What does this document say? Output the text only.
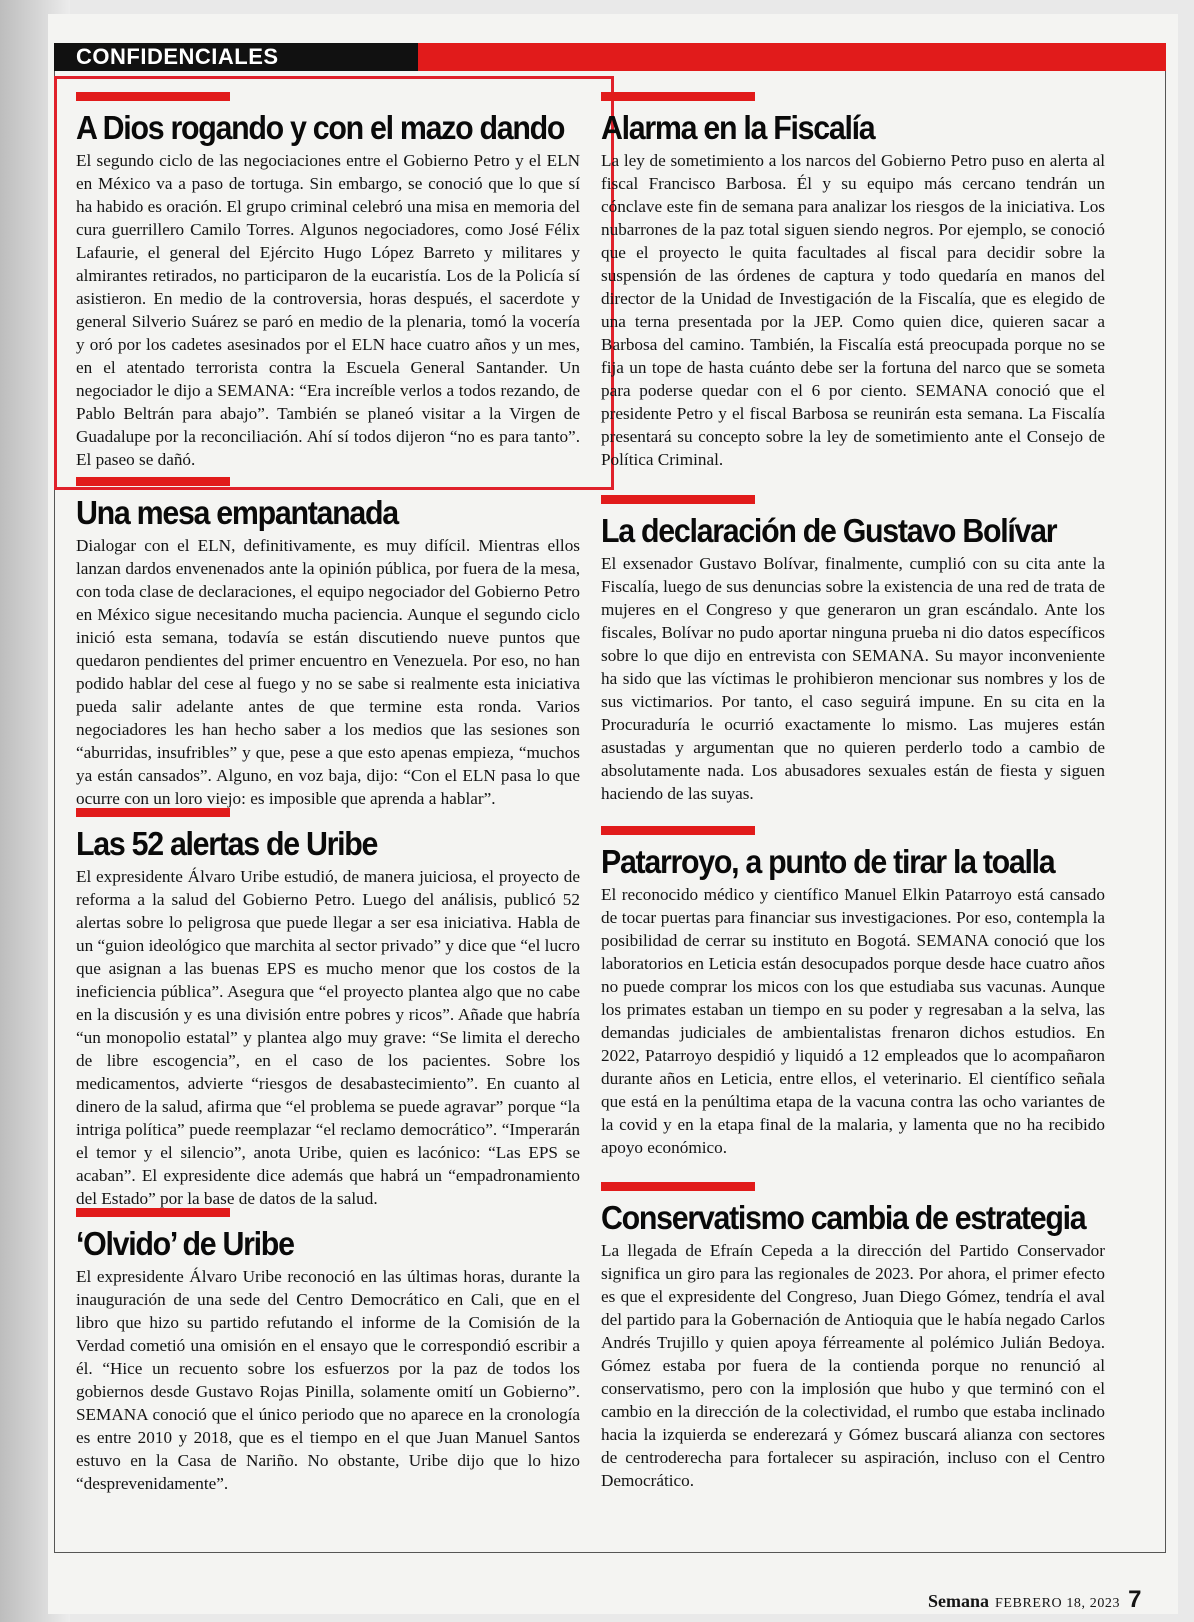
CONFIDENCIALES
A Dios rogando y con el mazo dando

El segundo ciclo de las negociaciones entre el Gobierno Petro y el ELN en México va a paso de tortuga. Sin embargo, se conoció que lo que sí ha habido es oración. El grupo criminal celebró una misa en memoria del cura guerrillero Camilo Torres. Algunos negociadores, como José Félix Lafaurie, el general del Ejército Hugo López Barreto y militares y almirantes retirados, no participaron de la eucaristía. Los de la Policía sí asistieron. En medio de la controversia, horas después, el sacerdote y general Silverio Suárez se paró en medio de la plenaria, tomó la vocería y oró por los cadetes asesinados por el ELN hace cuatro años y un mes, en el atentado terrorista contra la Escuela General Santander. Un negociador le dijo a SEMANA: “Era increíble verlos a todos rezando, de Pablo Beltrán para abajo”. También se planeó visitar a la Virgen de Guadalupe por la reconciliación. Ahí sí todos dijeron “no es para tanto”. El paseo se dañó.

Una mesa empantanada

Dialogar con el ELN, definitivamente, es muy difícil. Mientras ellos lanzan dardos envenenados ante la opinión pública, por fuera de la mesa, con toda clase de declaraciones, el equipo negociador del Gobierno Petro en México sigue necesitando mucha paciencia. Aunque el segundo ciclo inició esta semana, todavía se están discutiendo nueve puntos que quedaron pendientes del primer encuentro en Venezuela. Por eso, no han podido hablar del cese al fuego y no se sabe si realmente esta iniciativa pueda salir adelante antes de que termine esta ronda. Varios negociadores les han hecho saber a los medios que las sesiones son “aburridas, insufribles” y que, pese a que esto apenas empieza, “muchos ya están cansados”. Alguno, en voz baja, dijo: “Con el ELN pasa lo que ocurre con un loro viejo: es imposible que aprenda a hablar”.

Las 52 alertas de Uribe

El expresidente Álvaro Uribe estudió, de manera juiciosa, el proyecto de reforma a la salud del Gobierno Petro. Luego del análisis, publicó 52 alertas sobre lo peligrosa que puede llegar a ser esa iniciativa. Habla de un “guion ideológico que marchita al sector privado” y dice que “el lucro que asignan a las buenas EPS es mucho menor que los costos de la ineficiencia pública”. Asegura que “el proyecto plantea algo que no cabe en la discusión y es una división entre pobres y ricos”. Añade que habría “un monopolio estatal” y plantea algo muy grave: “Se limita el derecho de libre escogencia”, en el caso de los pacientes. Sobre los medicamentos, advierte “riesgos de desabastecimiento”. En cuanto al dinero de la salud, afirma que “el problema se puede agravar” porque “la intriga política” puede reemplazar “el reclamo democrático”. “Imperarán el temor y el silencio”, anota Uribe, quien es lacónico: “Las EPS se acaban”. El expresidente dice además que habrá un “empadronamiento del Estado” por la base de datos de la salud.

‘Olvido’ de Uribe

El expresidente Álvaro Uribe reconoció en las últimas horas, durante la inauguración de una sede del Centro Democrático en Cali, que en el libro que hizo su partido refutando el informe de la Comisión de la Verdad cometió una omisión en el ensayo que le correspondió escribir a él. “Hice un recuento sobre los esfuerzos por la paz de todos los gobiernos desde Gustavo Rojas Pinilla, solamente omití un Gobierno”. SEMANA conoció que el único periodo que no aparece en la cronología es entre 2010 y 2018, que es el tiempo en el que Juan Manuel Santos estuvo en la Casa de Nariño. No obstante, Uribe dijo que lo hizo “desprevenidamente”.

Alarma en la Fiscalía

La ley de sometimiento a los narcos del Gobierno Petro puso en alerta al fiscal Francisco Barbosa. Él y su equipo más cercano tendrán un cónclave este fin de semana para analizar los riesgos de la iniciativa. Los nubarrones de la paz total siguen siendo negros. Por ejemplo, se conoció que el proyecto le quita facultades al fiscal para decidir sobre la suspensión de las órdenes de captura y todo quedaría en manos del director de la Unidad de Investigación de la Fiscalía, que es elegido de una terna presentada por la JEP. Como quien dice, quieren sacar a Barbosa del camino. También, la Fiscalía está preocupada porque no se fija un tope de hasta cuánto debe ser la fortuna del narco que se someta para poderse quedar con el 6 por ciento. SEMANA conoció que el presidente Petro y el fiscal Barbosa se reunirán esta semana. La Fiscalía presentará su concepto sobre la ley de sometimiento ante el Consejo de Política Criminal.

La declaración de Gustavo Bolívar

El exsenador Gustavo Bolívar, finalmente, cumplió con su cita ante la Fiscalía, luego de sus denuncias sobre la existencia de una red de trata de mujeres en el Congreso y que generaron un gran escándalo. Ante los fiscales, Bolívar no pudo aportar ninguna prueba ni dio datos específicos sobre lo que dijo en entrevista con SEMANA. Su mayor inconveniente ha sido que las víctimas le prohibieron mencionar sus nombres y los de sus victimarios. Por tanto, el caso seguirá impune. En su cita en la Procuraduría le ocurrió exactamente lo mismo. Las mujeres están asustadas y argumentan que no quieren perderlo todo a cambio de absolutamente nada. Los abusadores sexuales están de fiesta y siguen haciendo de las suyas.

Patarroyo, a punto de tirar la toalla

El reconocido médico y científico Manuel Elkin Patarroyo está cansado de tocar puertas para financiar sus investigaciones. Por eso, contempla la posibilidad de cerrar su instituto en Bogotá. SEMANA conoció que los laboratorios en Leticia están desocupados porque desde hace cuatro años no puede comprar los micos con los que estudiaba sus vacunas. Aunque los primates estaban un tiempo en su poder y regresaban a la selva, las demandas judiciales de ambientalistas frenaron dichos estudios. En 2022, Patarroyo despidió y liquidó a 12 empleados que lo acompañaron durante años en Leticia, entre ellos, el veterinario. El científico señala que está en la penúltima etapa de la vacuna contra las ocho variantes de la covid y en la etapa final de la malaria, y lamenta que no ha recibido apoyo económico.

Conservatismo cambia de estrategia

La llegada de Efraín Cepeda a la dirección del Partido Conservador significa un giro para las regionales de 2023. Por ahora, el primer efecto es que el expresidente del Congreso, Juan Diego Gómez, tendría el aval del partido para la Gobernación de Antioquia que le había negado Carlos Andrés Trujillo y quien apoya férreamente al polémico Julián Bedoya. Gómez estaba por fuera de la contienda porque no renunció al conservatismo, pero con la implosión que hubo y que terminó con el cambio en la dirección de la colectividad, el rumbo que estaba inclinado hacia la izquierda se enderezará y Gómez buscará alianza con sectores de centroderecha para fortalecer su aspiración, incluso con el Centro Democrático.

Semana FEBRERO 18, 2023 7
